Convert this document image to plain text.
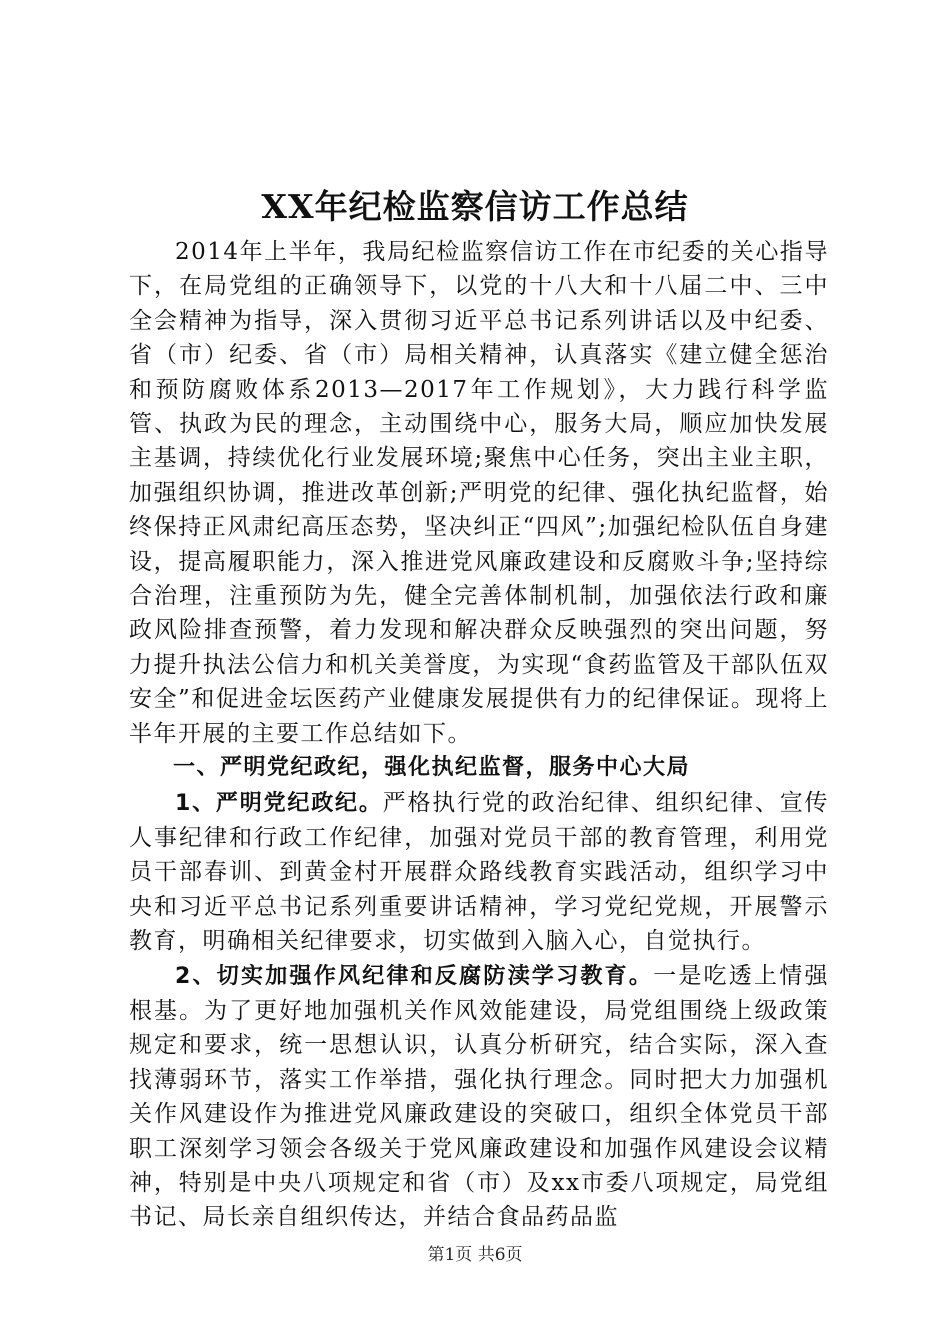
XX年纪检监察信访工作总结

2014年上半年，我局纪检监察信访工作在市纪委的关心指导下，在局党组的正确领导下，以党的十八大和十八届二中、三中全会精神为指导，深入贯彻习近平总书记系列讲话以及中纪委、省（市）纪委、省（市）局相关精神，认真落实《建立健全惩治和预防腐败体系2013—2017年工作规划》，大力践行科学监管、执政为民的理念，主动围绕中心，服务大局，顺应加快发展主基调，持续优化行业发展环境;聚焦中心任务，突出主业主职，加强组织协调，推进改革创新;严明党的纪律、强化执纪监督，始终保持正风肃纪高压态势，坚决纠正“四风”;加强纪检队伍自身建设，提高履职能力，深入推进党风廉政建设和反腐败斗争;坚持综合治理，注重预防为先，健全完善体制机制，加强依法行政和廉政风险排查预警，着力发现和解决群众反映强烈的突出问题，努力提升执法公信力和机关美誉度，为实现“食药监管及干部队伍双安全”和促进金坛医药产业健康发展提供有力的纪律保证。现将上半年开展的主要工作总结如下。

一、严明党纪政纪，强化执纪监督，服务中心大局

1、严明党纪政纪。严格执行党的政治纪律、组织纪律、宣传人事纪律和行政工作纪律，加强对党员干部的教育管理，利用党员干部春训、到黄金村开展群众路线教育实践活动，组织学习中央和习近平总书记系列重要讲话精神，学习党纪党规，开展警示教育，明确相关纪律要求，切实做到入脑入心，自觉执行。

2、切实加强作风纪律和反腐防渎学习教育。一是吃透上情强根基。为了更好地加强机关作风效能建设，局党组围绕上级政策规定和要求，统一思想认识，认真分析研究，结合实际，深入查找薄弱环节，落实工作举措，强化执行理念。同时把大力加强机关作风建设作为推进党风廉政建设的突破口，组织全体党员干部职工深刻学习领会各级关于党风廉政建设和加强作风建设会议精神，特别是中央八项规定和省（市）及xx市委八项规定，局党组书记、局长亲自组织传达，并结合食品药品监

第1页 共6页
